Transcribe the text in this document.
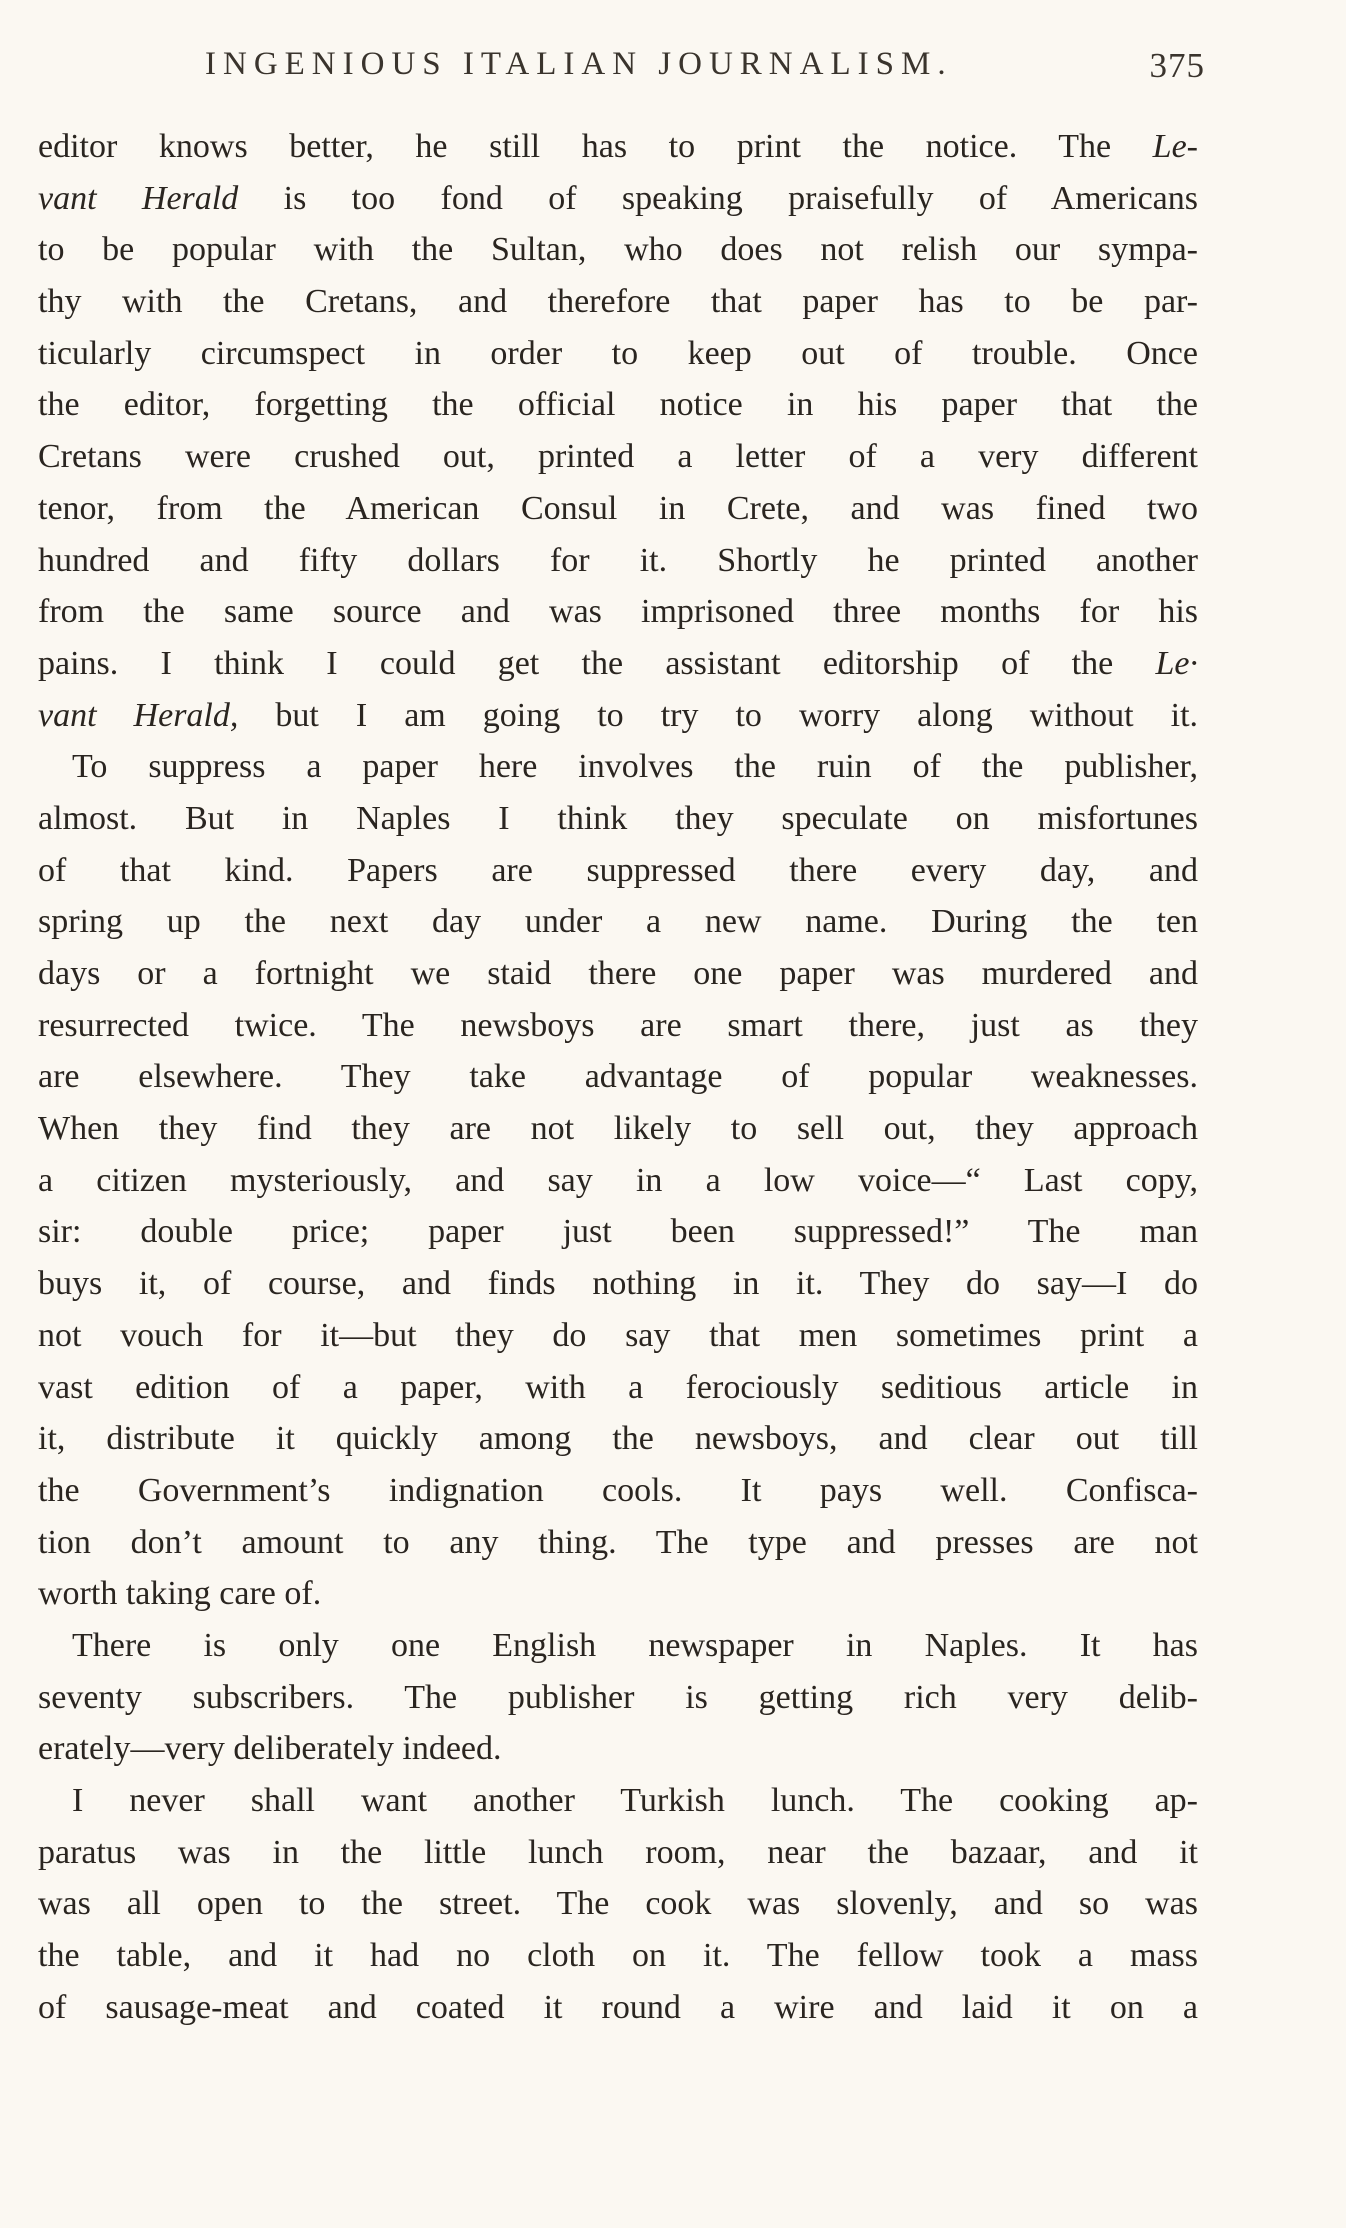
INGENIOUS ITALIAN JOURNALISM.	375
editor knows better, he still has to print the notice. The Le-
vant Herald is too fond of speaking praisefully of Americans
to be popular with the Sultan, who does not relish our sympa-
thy with the Cretans, and therefore that paper has to be par-
ticularly circumspect in order to keep out of trouble. Once
the editor, forgetting the official notice in his paper that the
Cretans were crushed out, printed a letter of a very different
tenor, from the American Consul in Crete, and was fined two
hundred and fifty dollars for it. Shortly he printed another
from the same source and was imprisoned three months for his
pains. I think I could get the assistant editorship of the Le·
vant Herald, but I am going to try to worry along without it.
To suppress a paper here involves the ruin of the publisher,
almost. But in Naples I think they speculate on misfortunes
of that kind. Papers are suppressed there every day, and
spring up the next day under a new name. During the ten
days or a fortnight we staid there one paper was murdered and
resurrected twice. The newsboys are smart there, just as they
are elsewhere. They take advantage of popular weaknesses.
When they find they are not likely to sell out, they approach
a citizen mysteriously, and say in a low voice—“ Last copy,
sir: double price; paper just been suppressed!” The man
buys it, of course, and finds nothing in it. They do say—I do
not vouch for it—but they do say that men sometimes print a
vast edition of a paper, with a ferociously seditious article in
it, distribute it quickly among the newsboys, and clear out till
the Government’s indignation cools. It pays well. Confisca-
tion don’t amount to any thing. The type and presses are not
worth taking care of.
There is only one English newspaper in Naples. It has
seventy subscribers. The publisher is getting rich very delib-
erately—very deliberately indeed.
I never shall want another Turkish lunch. The cooking ap-
paratus was in the little lunch room, near the bazaar, and it
was all open to the street. The cook was slovenly, and so was
the table, and it had no cloth on it. The fellow took a mass
of sausage-meat and coated it round a wire and laid it on a
